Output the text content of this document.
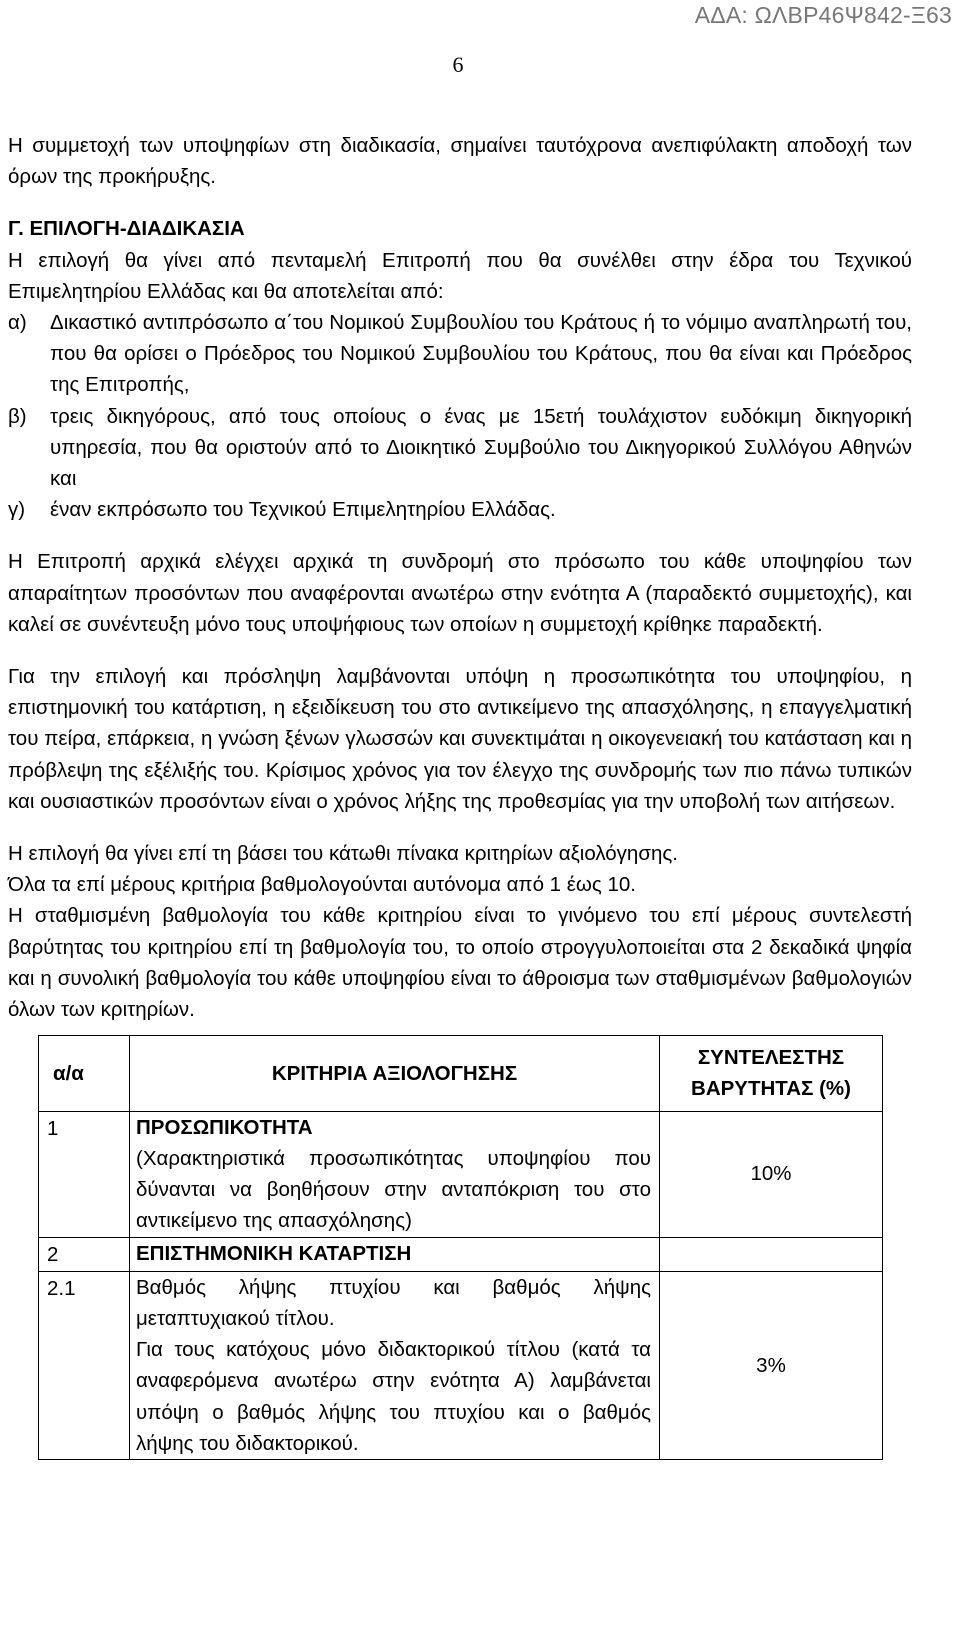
ΑΔΑ: ΩΛΒΡ46Ψ842-Ξ63
6

Η συμμετοχή των υποψηφίων στη διαδικασία, σημαίνει ταυτόχρονα ανεπιφύλακτη αποδοχή των όρων της προκήρυξης.

Γ. ΕΠΙΛΟΓΗ-ΔΙΑΔΙΚΑΣΙΑ

Η επιλογή θα γίνει από πενταμελή Επιτροπή που θα συνέλθει στην έδρα του Τεχνικού Επιμελητηρίου Ελλάδας και θα αποτελείται από:

α)	Δικαστικό αντιπρόσωπο α΄του Νομικού Συμβουλίου του Κράτους ή το νόμιμο αναπληρωτή του, που θα ορίσει ο Πρόεδρος του Νομικού Συμβουλίου του Κράτους, που θα είναι και Πρόεδρος της Επιτροπής,
β)	τρεις δικηγόρους, από τους οποίους ο ένας με 15ετή τουλάχιστον ευδόκιμη δικηγορική υπηρεσία, που θα οριστούν από το Διοικητικό Συμβούλιο του Δικηγορικού Συλλόγου Αθηνών και
γ)	έναν εκπρόσωπο του Τεχνικού Επιμελητηρίου Ελλάδας.

Η Επιτροπή αρχικά ελέγχει αρχικά τη συνδρομή στο πρόσωπο του κάθε υποψηφίου των απαραίτητων προσόντων που αναφέρονται ανωτέρω στην ενότητα Α (παραδεκτό συμμετοχής), και καλεί σε συνέντευξη μόνο τους υποψήφιους των οποίων η συμμετοχή κρίθηκε παραδεκτή.

Για την επιλογή και πρόσληψη λαμβάνονται υπόψη η προσωπικότητα του υποψηφίου, η επιστημονική του κατάρτιση, η εξειδίκευση του στο αντικείμενο της απασχόλησης, η επαγγελματική του πείρα, επάρκεια, η γνώση ξένων γλωσσών και συνεκτιμάται η οικογενειακή του κατάσταση και η πρόβλεψη της εξέλιξής του. Κρίσιμος χρόνος για τον έλεγχο της συνδρομής των πιο πάνω τυπικών και ουσιαστικών προσόντων είναι ο χρόνος λήξης της προθεσμίας για την υποβολή των αιτήσεων.

Η επιλογή θα γίνει επί τη βάσει του κάτωθι πίνακα κριτηρίων αξιολόγησης.

Όλα τα επί μέρους κριτήρια βαθμολογούνται αυτόνομα από 1 έως 10.

Η σταθμισμένη βαθμολογία του κάθε κριτηρίου είναι το γινόμενο του επί μέρους συντελεστή βαρύτητας του κριτηρίου επί τη βαθμολογία του, το οποίο στρογγυλοποιείται στα 2 δεκαδικά ψηφία και η συνολική βαθμολογία του κάθε υποψηφίου είναι το άθροισμα των σταθμισμένων βαθμολογιών όλων των κριτηρίων.

α/α	ΚΡΙΤΗΡΙΑ ΑΞΙΟΛΟΓΗΣΗΣ	ΣΥΝΤΕΛΕΣΤΗΣ
ΒΑΡΥΤΗΤΑΣ (%)

1	ΠΡΟΣΩΠΙΚΟΤΗΤΑ
(Χαρακτηριστικά προσωπικότητας υποψηφίου που δύνανται να βοηθήσουν στην ανταπόκριση του στο αντικείμενο της απασχόλησης)	10%
2	ΕΠΙΣΤΗΜΟΝΙΚΗ ΚΑΤΑΡΤΙΣΗ	

2.1	Βαθμός λήψης πτυχίου και βαθμός λήψης μεταπτυχιακού τίτλου.
Για τους κατόχους μόνο διδακτορικού τίτλου (κατά τα αναφερόμενα ανωτέρω στην ενότητα Α) λαμβάνεται υπόψη ο βαθμός λήψης του πτυχίου και ο βαθμός λήψης του διδακτορικού.	3%
